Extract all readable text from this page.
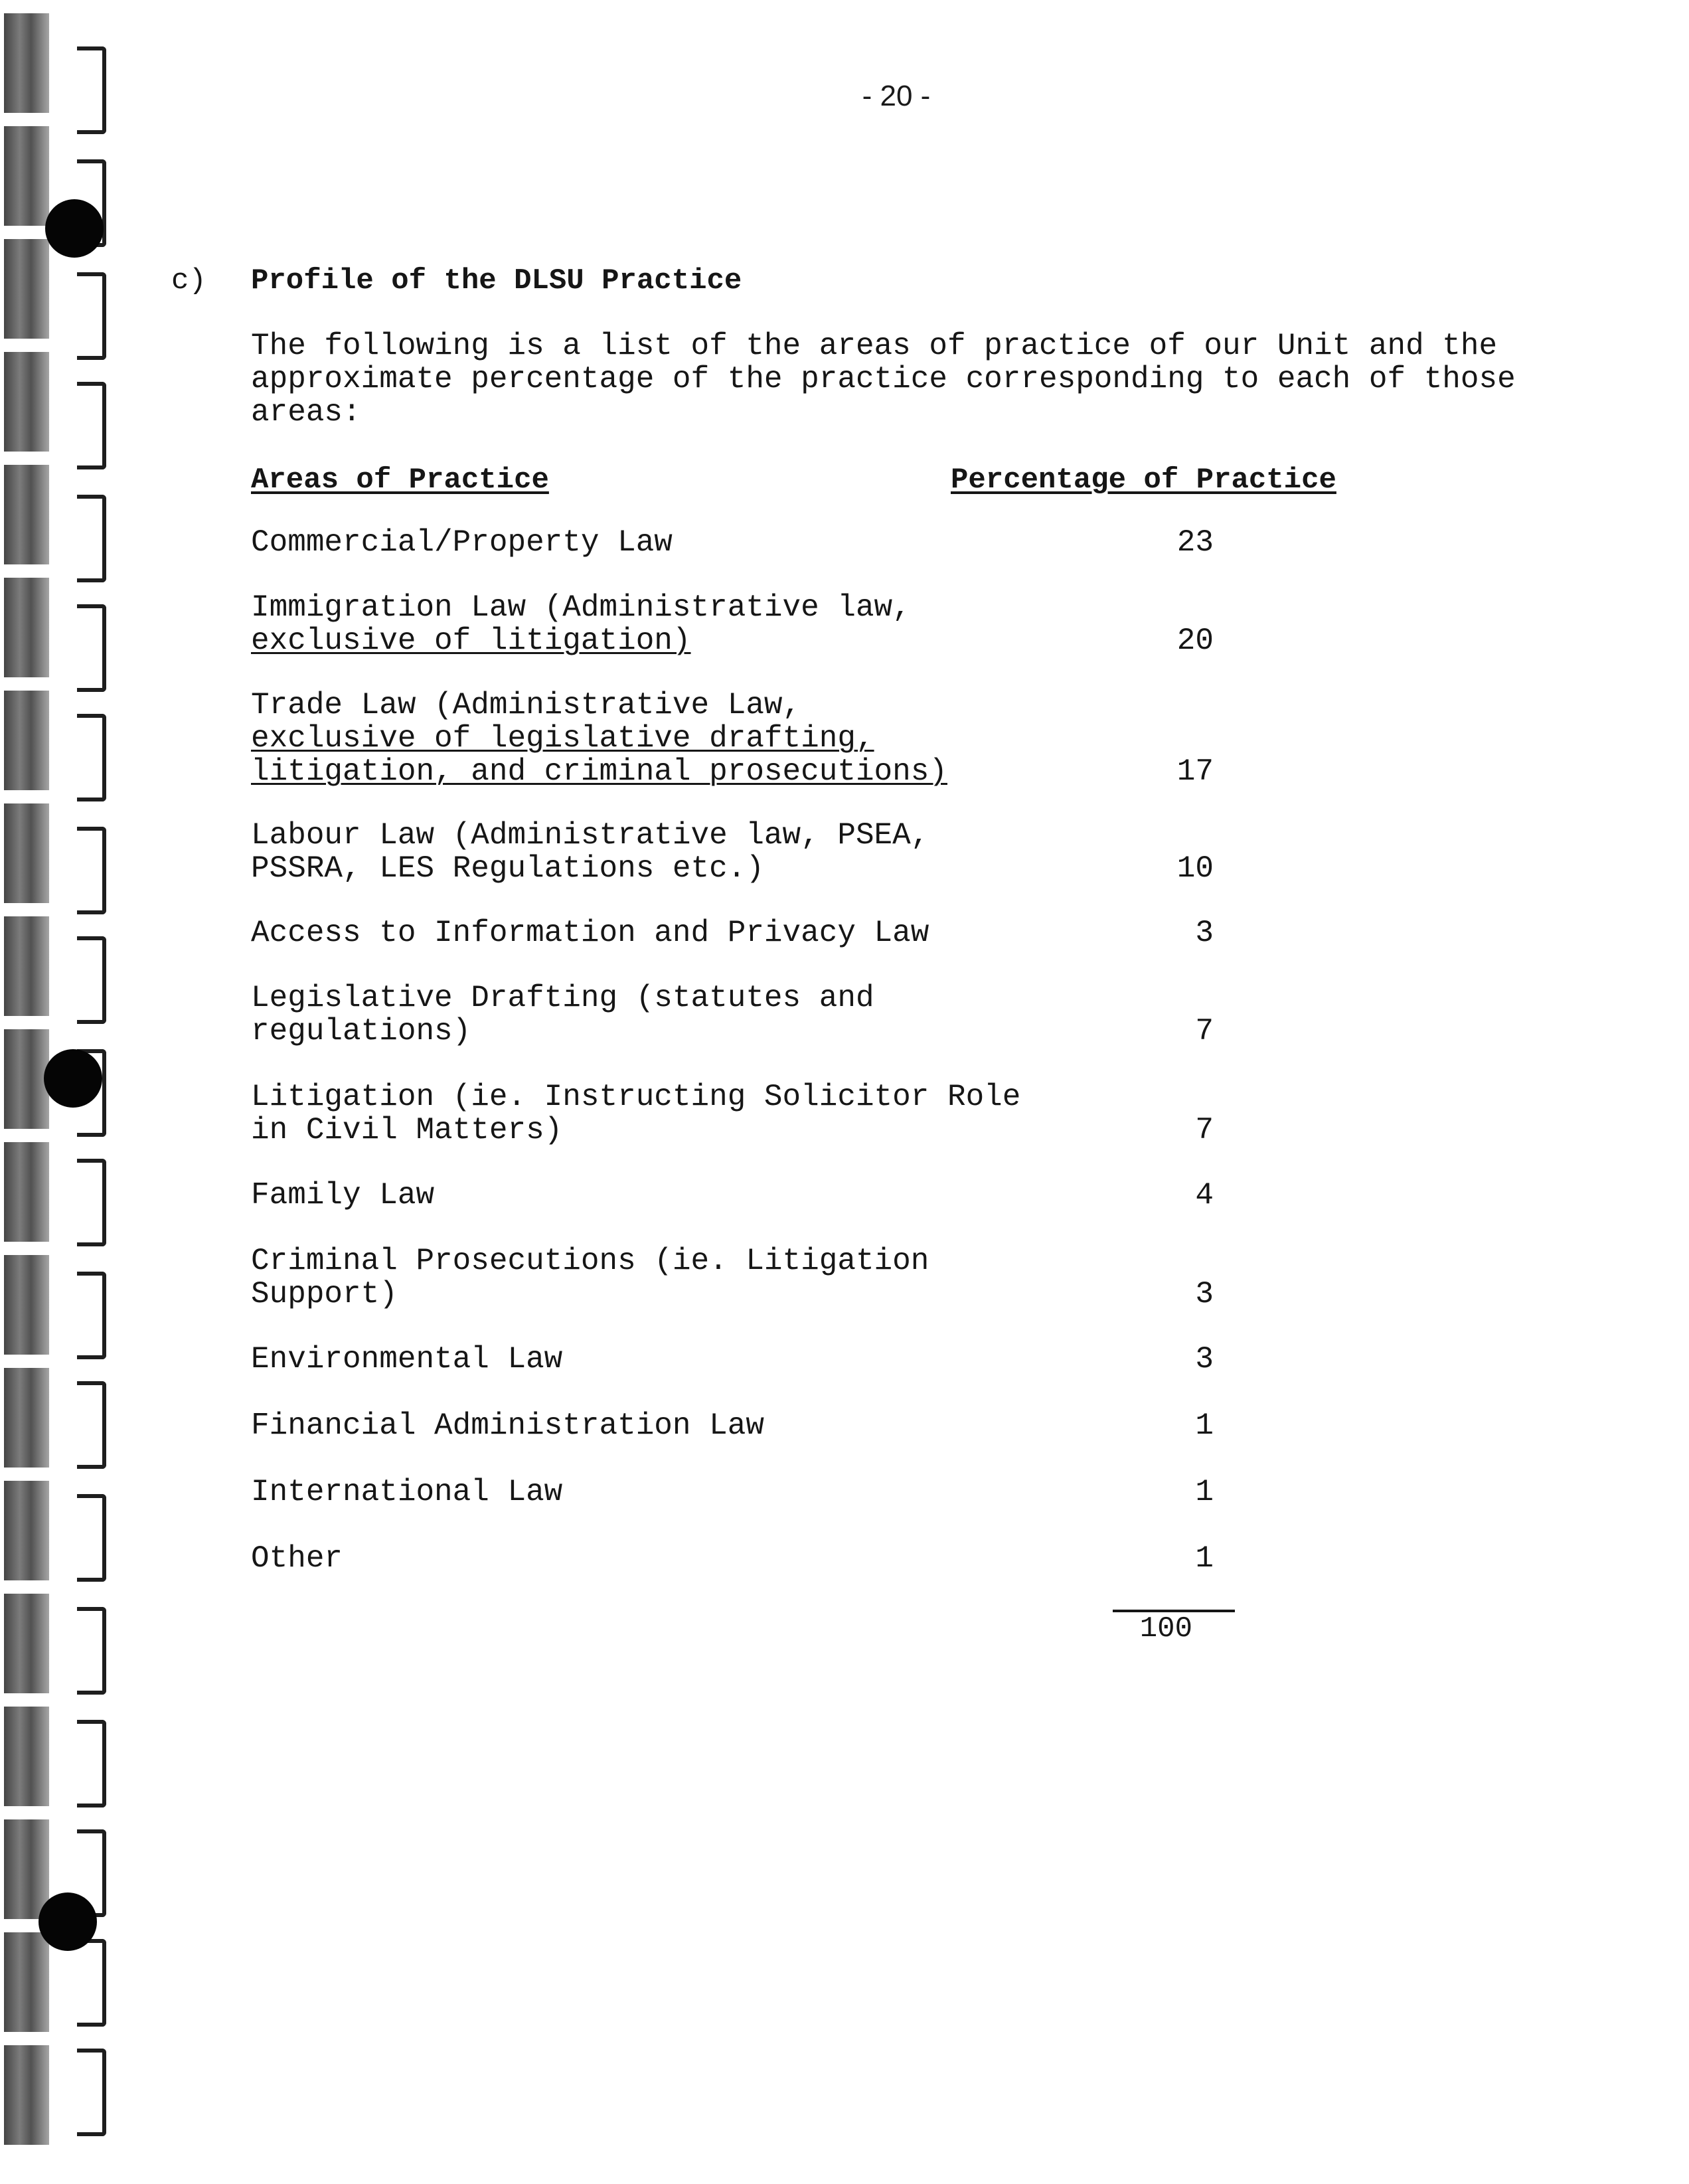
- 20 -
c) Profile of the DLSU Practice

The following is a list of the areas of practice of our Unit and the
approximate percentage of the practice corresponding to each of those
areas:

Areas of Practice	Percentage of Practice
Commercial/Property Law	23
Immigration Law (Administrative law,
exclusive of litigation)	20
Trade Law (Administrative Law,
exclusive of legislative drafting,
litigation, and criminal prosecutions)	17
Labour Law (Administrative law, PSEA,
PSSRA, LES Regulations etc.)	10
Access to Information and Privacy Law	3
Legislative Drafting (statutes and
regulations)	7
Litigation (ie. Instructing Solicitor Role
in Civil Matters)	7
Family Law	4
Criminal Prosecutions (ie. Litigation
Support)	3
Environmental Law	3
Financial Administration Law	1
International Law	1
Other	1
100
